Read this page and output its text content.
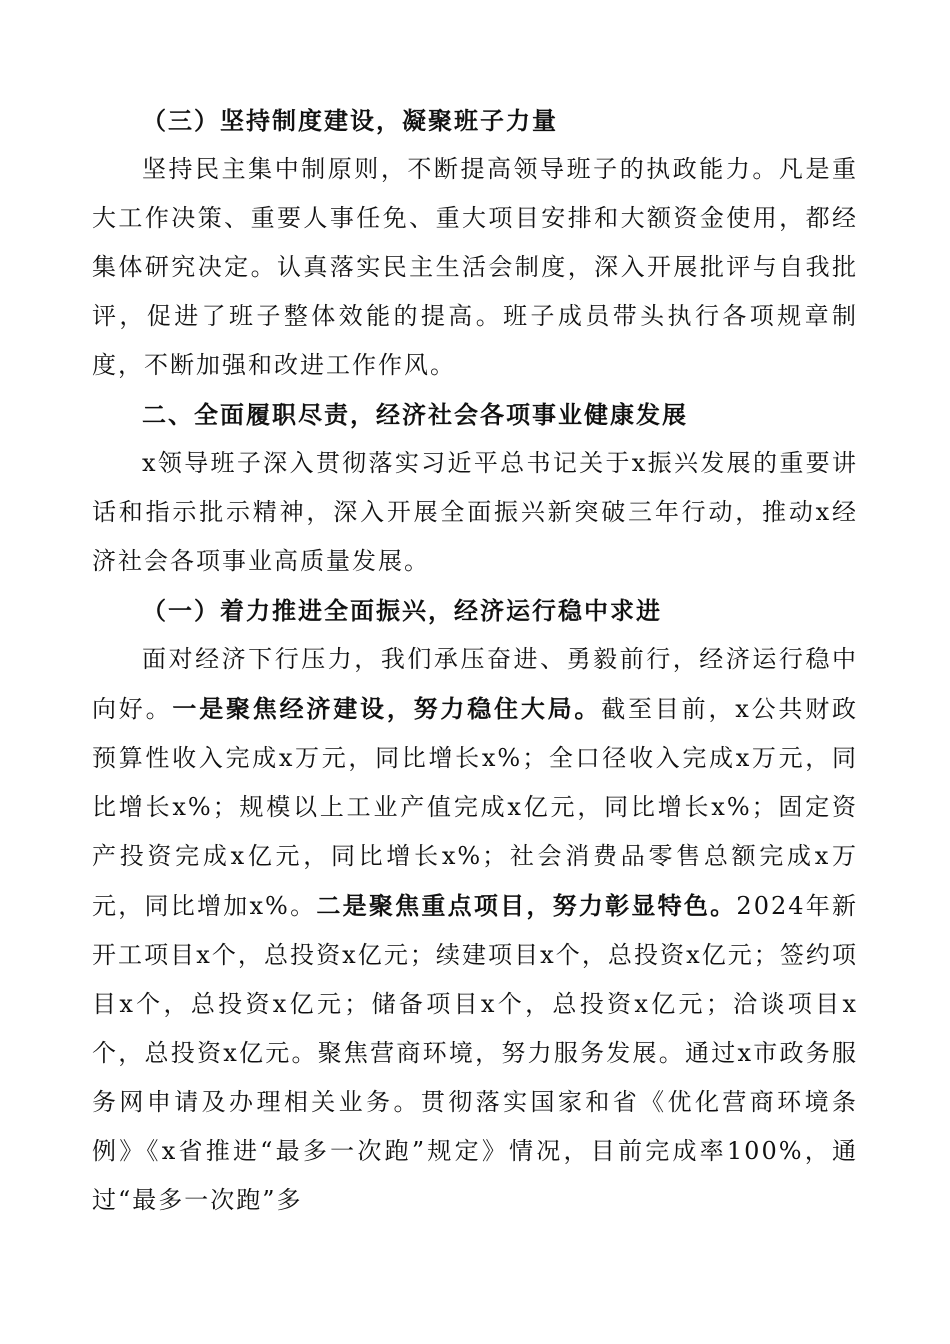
（三）坚持制度建设，凝聚班子力量

坚持民主集中制原则，不断提高领导班子的执政能力。凡是重大工作决策、重要人事任免、重大项目安排和大额资金使用，都经集体研究决定。认真落实民主生活会制度，深入开展批评与自我批评，促进了班子整体效能的提高。班子成员带头执行各项规章制度，不断加强和改进工作作风。

二、全面履职尽责，经济社会各项事业健康发展

x领导班子深入贯彻落实习近平总书记关于x振兴发展的重要讲话和指示批示精神，深入开展全面振兴新突破三年行动，推动x经济社会各项事业高质量发展。

（一）着力推进全面振兴，经济运行稳中求进

面对经济下行压力，我们承压奋进、勇毅前行，经济运行稳中向好。一是聚焦经济建设，努力稳住大局。截至目前，x公共财政预算性收入完成x万元，同比增长x%；全口径收入完成x万元，同比增长x%；规模以上工业产值完成x亿元，同比增长x%；固定资产投资完成x亿元，同比增长x%；社会消费品零售总额完成x万元，同比增加x%。二是聚焦重点项目，努力彰显特色。2024年新开工项目x个，总投资x亿元；续建项目x个，总投资x亿元；签约项目x个，总投资x亿元；储备项目x个，总投资x亿元；洽谈项目x个，总投资x亿元。聚焦营商环境，努力服务发展。通过x市政务服务网申请及办理相关业务。贯彻落实国家和省《优化营商环境条例》《x省推进“最多一次跑”规定》情况，目前完成率100%，通过“最多一次跑”多
